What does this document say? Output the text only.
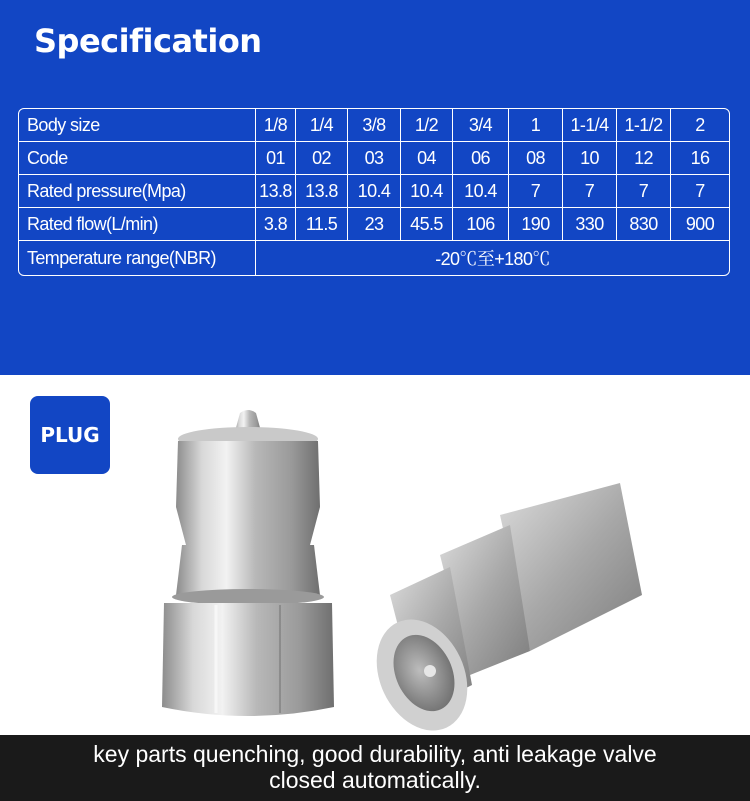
Specification
Body size	1/8	1/4	3/8	1/2	3/4	1	1-1/4	1-1/2	2
Code	01	02	03	04	06	08	10	12	16
Rated pressure(Mpa)	13.8	13.8	10.4	10.4	10.4	7	7	7	7
Rated flow(L/min)	3.8	11.5	23	45.5	106	190	330	830	900
Temperature range(NBR)	-20℃至+180℃								
PLUG
key parts quenching, good durability, anti leakage valve
closed automatically.
